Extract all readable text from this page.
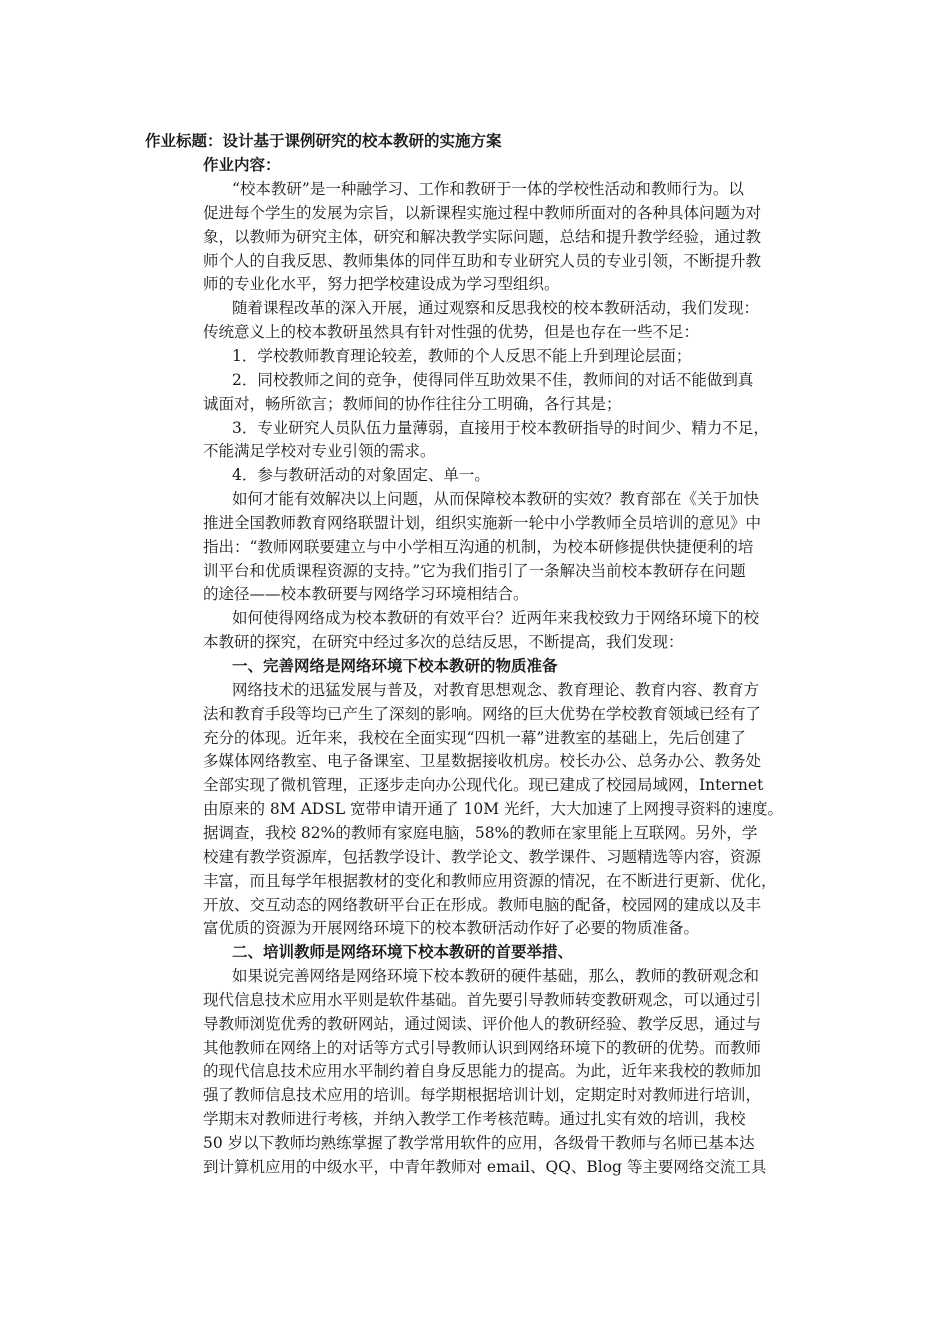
作业标题：设计基于课例研究的校本教研的实施方案
作业内容：
“校本教研”是一种融学习、工作和教研于一体的学校性活动和教师行为。以
促进每个学生的发展为宗旨，以新课程实施过程中教师所面对的各种具体问题为对
象，以教师为研究主体，研究和解决教学实际问题，总结和提升教学经验，通过教
师个人的自我反思、教师集体的同伴互助和专业研究人员的专业引领，不断提升教
师的专业化水平，努力把学校建设成为学习型组织。
随着课程改革的深入开展，通过观察和反思我校的校本教研活动，我们发现：
传统意义上的校本教研虽然具有针对性强的优势，但是也存在一些不足：
1．学校教师教育理论较差，教师的个人反思不能上升到理论层面；
2．同校教师之间的竞争，使得同伴互助效果不佳，教师间的对话不能做到真
诚面对，畅所欲言；教师间的协作往往分工明确，各行其是；
3．专业研究人员队伍力量薄弱，直接用于校本教研指导的时间少、精力不足，
不能满足学校对专业引领的需求。
4．参与教研活动的对象固定、单一。
如何才能有效解决以上问题，从而保障校本教研的实效？教育部在《关于加快
推进全国教师教育网络联盟计划，组织实施新一轮中小学教师全员培训的意见》中
指出：“教师网联要建立与中小学相互沟通的机制，为校本研修提供快捷便利的培
训平台和优质课程资源的支持。”它为我们指引了一条解决当前校本教研存在问题
的途径——校本教研要与网络学习环境相结合。
如何使得网络成为校本教研的有效平台？近两年来我校致力于网络环境下的校
本教研的探究，在研究中经过多次的总结反思，不断提高，我们发现：
一、完善网络是网络环境下校本教研的物质准备
网络技术的迅猛发展与普及，对教育思想观念、教育理论、教育内容、教育方
法和教育手段等均已产生了深刻的影响。网络的巨大优势在学校教育领域已经有了
充分的体现。近年来，我校在全面实现“四机一幕”进教室的基础上，先后创建了
多媒体网络教室、电子备课室、卫星数据接收机房。校长办公、总务办公、教务处
全部实现了微机管理，正逐步走向办公现代化。现已建成了校园局域网，Internet
由原来的 8M ADSL 宽带申请开通了 10M 光纤，大大加速了上网搜寻资料的速度。
据调查，我校 82%的教师有家庭电脑，58%的教师在家里能上互联网。另外，学
校建有教学资源库，包括教学设计、教学论文、教学课件、习题精选等内容，资源
丰富，而且每学年根据教材的变化和教师应用资源的情况，在不断进行更新、优化，
开放、交互动态的网络教研平台正在形成。教师电脑的配备，校园网的建成以及丰
富优质的资源为开展网络环境下的校本教研活动作好了必要的物质准备。
二、培训教师是网络环境下校本教研的首要举措、
如果说完善网络是网络环境下校本教研的硬件基础，那么，教师的教研观念和
现代信息技术应用水平则是软件基础。首先要引导教师转变教研观念，可以通过引
导教师浏览优秀的教研网站，通过阅读、评价他人的教研经验、教学反思，通过与
其他教师在网络上的对话等方式引导教师认识到网络环境下的教研的优势。而教师
的现代信息技术应用水平制约着自身反思能力的提高。为此，近年来我校的教师加
强了教师信息技术应用的培训。每学期根据培训计划，定期定时对教师进行培训，
学期末对教师进行考核，并纳入教学工作考核范畴。通过扎实有效的培训，我校
50 岁以下教师均熟练掌握了教学常用软件的应用，各级骨干教师与名师已基本达
到计算机应用的中级水平，中青年教师对 email、QQ、Blog 等主要网络交流工具
